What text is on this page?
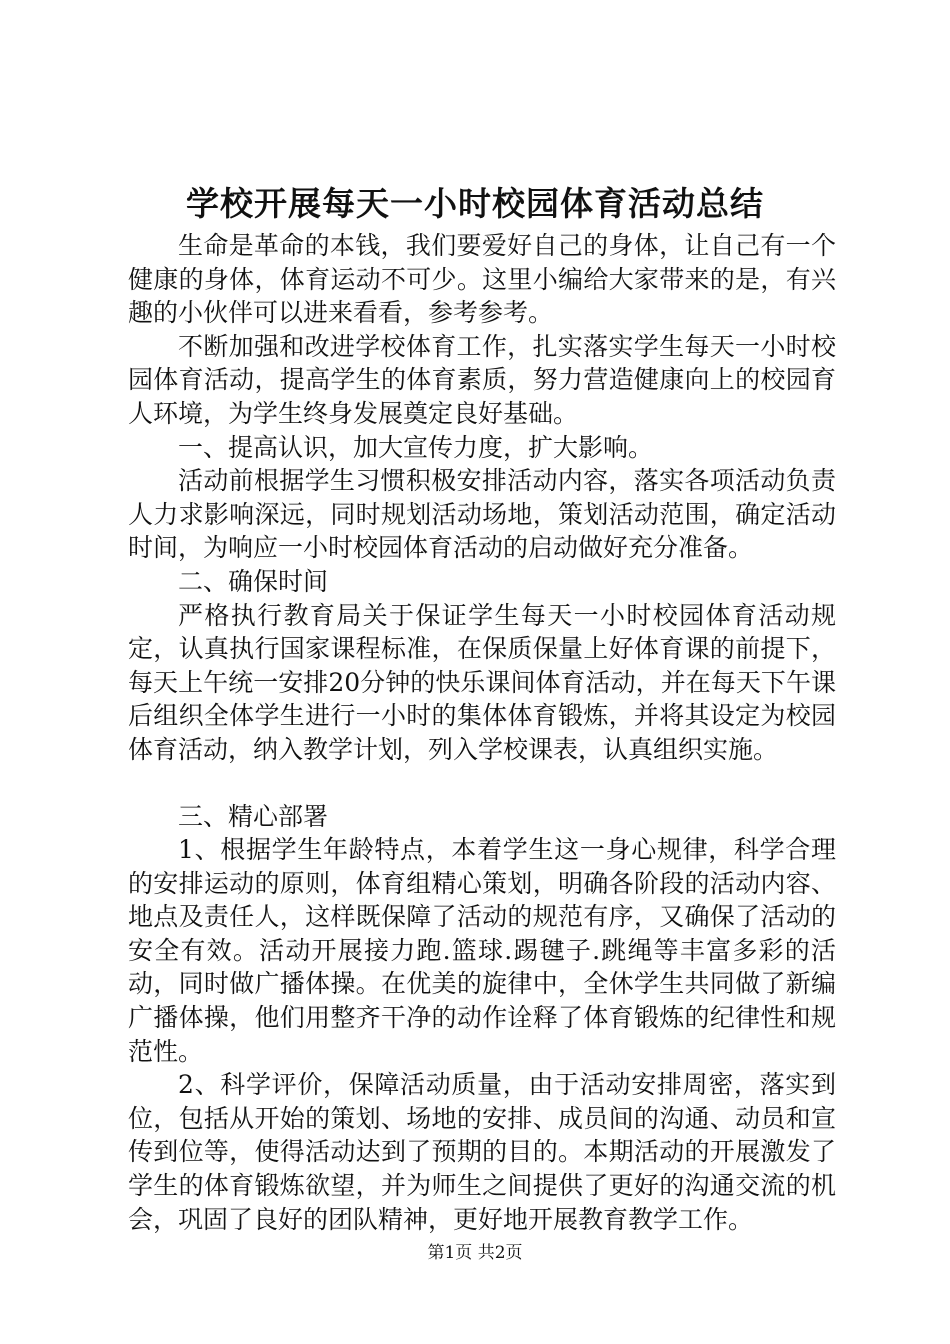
学校开展每天一小时校园体育活动总结

生命是革命的本钱，我们要爱好自己的身体，让自己有一个健康的身体，体育运动不可少。这里小编给大家带来的是，有兴趣的小伙伴可以进来看看，参考参考。

不断加强和改进学校体育工作，扎实落实学生每天一小时校园体育活动，提高学生的体育素质，努力营造健康向上的校园育人环境，为学生终身发展奠定良好基础。

一、提高认识，加大宣传力度，扩大影响。

活动前根据学生习惯积极安排活动内容，落实各项活动负责人力求影响深远，同时规划活动场地，策划活动范围，确定活动时间，为响应一小时校园体育活动的启动做好充分准备。

二、确保时间

严格执行教育局关于保证学生每天一小时校园体育活动规定，认真执行国家课程标准，在保质保量上好体育课的前提下，每天上午统一安排20分钟的快乐课间体育活动，并在每天下午课后组织全体学生进行一小时的集体体育锻炼，并将其设定为校园体育活动，纳入教学计划，列入学校课表，认真组织实施。

三、精心部署

1、根据学生年龄特点，本着学生这一身心规律，科学合理的安排运动的原则，体育组精心策划，明确各阶段的活动内容、地点及责任人，这样既保障了活动的规范有序，又确保了活动的安全有效。活动开展接力跑.篮球.踢毽子.跳绳等丰富多彩的活动，同时做广播体操。在优美的旋律中，全休学生共同做了新编广播体操，他们用整齐干净的动作诠释了体育锻炼的纪律性和规范性。

2、科学评价，保障活动质量，由于活动安排周密，落实到位，包括从开始的策划、场地的安排、成员间的沟通、动员和宣传到位等，使得活动达到了预期的目的。本期活动的开展激发了学生的体育锻炼欲望，并为师生之间提供了更好的沟通交流的机会，巩固了良好的团队精神，更好地开展教育教学工作。

第1页 共2页
